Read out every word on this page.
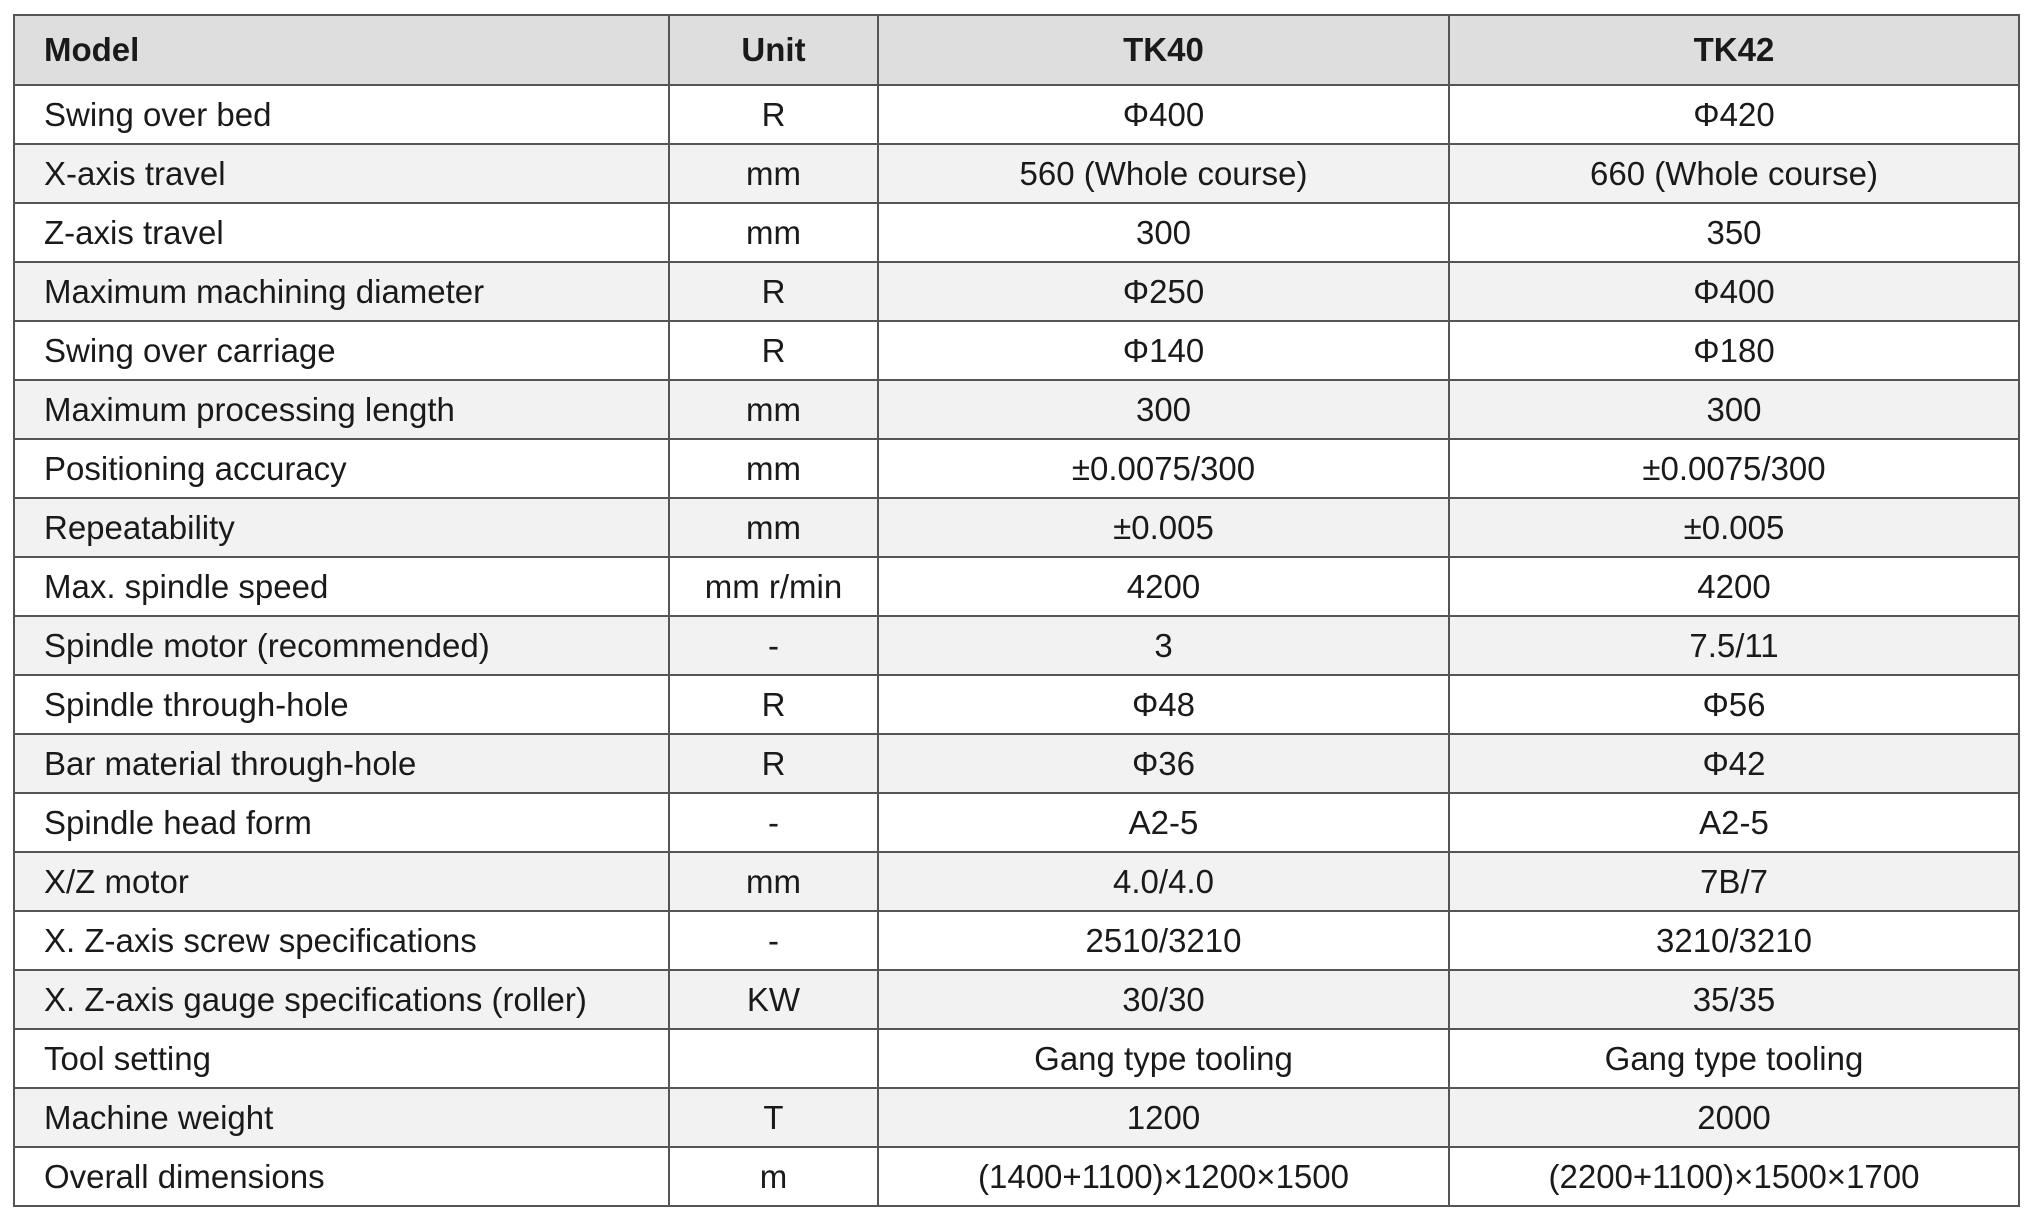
Model	Unit	TK40	TK42
Swing over bed	R	Φ400	Φ420
X-axis travel	mm	560 (Whole course)	660 (Whole course)
Z-axis travel	mm	300	350
Maximum machining diameter	R	Φ250	Φ400
Swing over carriage	R	Φ140	Φ180
Maximum processing length	mm	300	300
Positioning accuracy	mm	±0.0075/300	±0.0075/300
Repeatability	mm	±0.005	±0.005
Max. spindle speed	mm r/min	4200	4200
Spindle motor (recommended)	-	3	7.5/11
Spindle through-hole	R	Φ48	Φ56
Bar material through-hole	R	Φ36	Φ42
Spindle head form	-	A2-5	A2-5
X/Z motor	mm	4.0/4.0	7B/7
X. Z-axis screw specifications	-	2510/3210	3210/3210
X. Z-axis gauge specifications (roller)	KW	30/30	35/35
Tool setting		Gang type tooling	Gang type tooling
Machine weight	T	1200	2000
Overall dimensions	m	(1400+1100)×1200×1500	(2200+1100)×1500×1700
